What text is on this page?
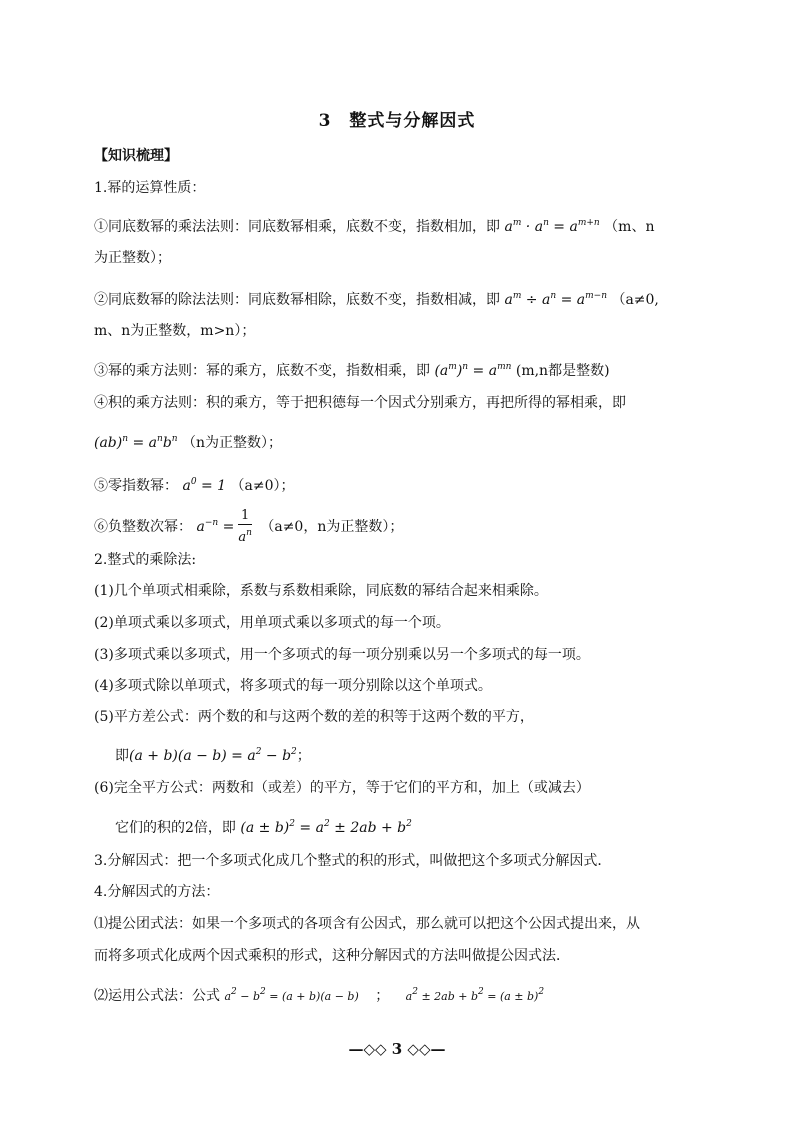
3 整式与分解因式
【知识梳理】
1.幂的运算性质：
①同底数幂的乘法法则：同底数幂相乘，底数不变，指数相加，即 $a^m \cdot a^n = a^{m+n}$ （m、n
为正整数）；
②同底数幂的除法法则：同底数幂相除，底数不变，指数相减，即 $a^m \div a^n = a^{m-n}$ （a≠0,
m、n为正整数，m>n）；
③幂的乘方法则：幂的乘方，底数不变，指数相乘，即 $(a^m)^n = a^{mn}$ (m,n都是整数)
④积的乘方法则：积的乘方，等于把积德每一个因式分别乘方，再把所得的幂相乘，即
$(ab)^n = a^nb^n$ （n为正整数）；
⑤零指数幂： $a^0 = 1$ （a≠0）；
⑥负整数次幂： $a^{-n} = \frac{1}{a^n} (a\ne 0$，n为正整数）；
2.整式的乘除法:
(1)几个单项式相乘除，系数与系数相乘除，同底数的幂结合起来相乘除。
(2)单项式乘以多项式，用单项式乘以多项式的每一个项。
(3)多项式乘以多项式，用一个多项式的每一项分别乘以另一个多项式的每一项。
(4)多项式除以单项式，将多项式的每一项分别除以这个单项式。
(5)平方差公式：两个数的和与这两个数的差的积等于这两个数的平方，
即$(a + b)(a - b) = a^2 - b^2$；
(6)完全平方公式：两数和（或差）的平方，等于它们的平方和，加上（或减去）
它们的积的2倍，即 $(a \pm b)^2 = a^2 \pm 2ab + b^2$
3.分解因式：把一个多项式化成几个整式的积的形式，叫做把这个多项式分解因式．
4.分解因式的方法：
⑴提公团式法：如果一个多项式的各项含有公因式，那么就可以把这个公因式提出来，从
而将多项式化成两个因式乘积的形式，这种分解因式的方法叫做提公因式法．
⑵运用公式法：公式 $a^2 - b^2 = (a + b)(a - b)$ ； $a^2 \pm 2ab + b^2 = (a \pm b)^2$
—◇◇ 3 ◇◇—
